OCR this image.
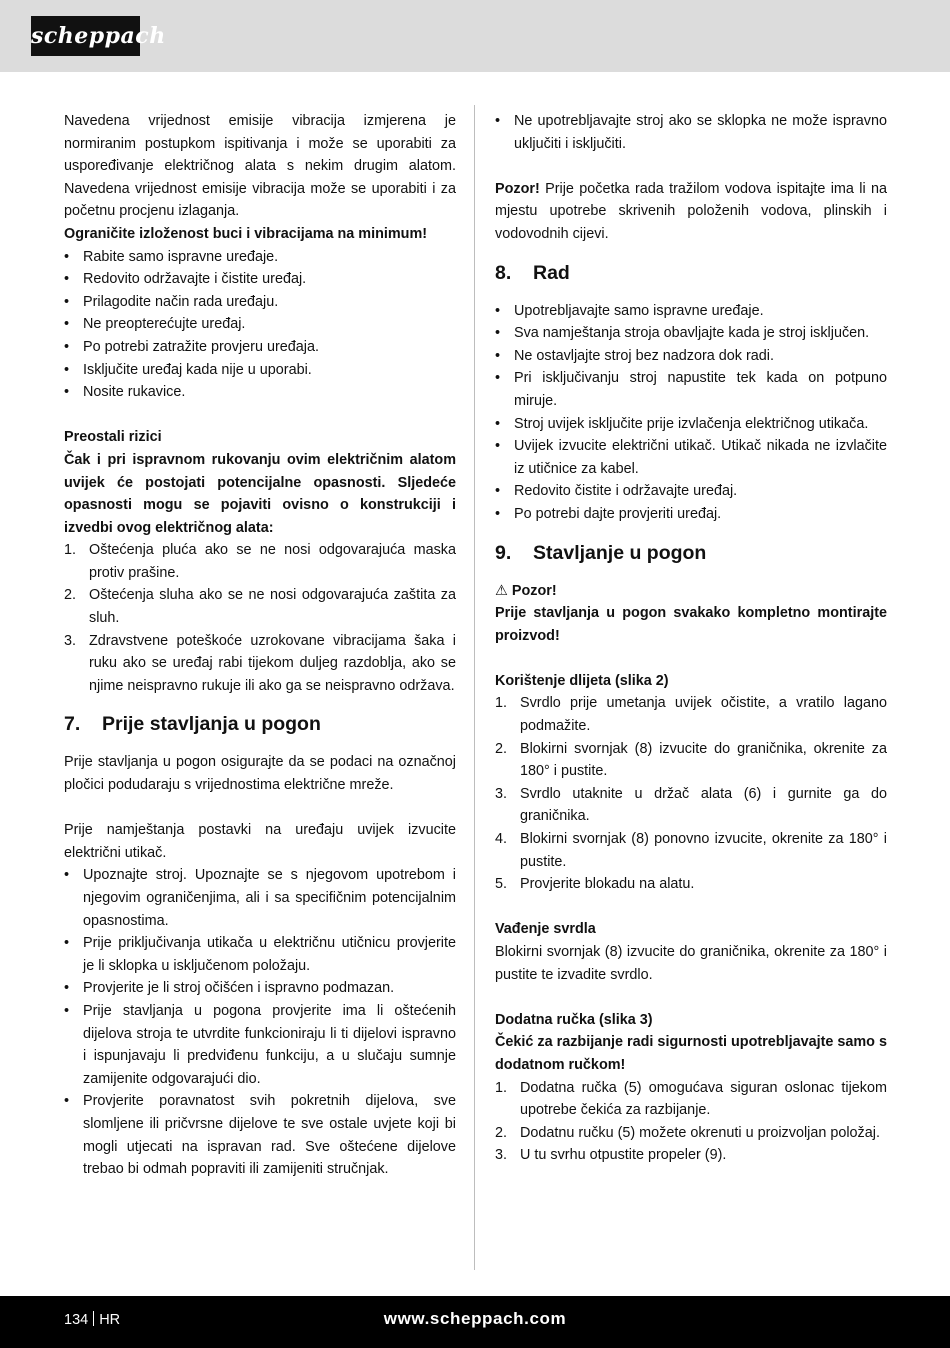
scheppach

Navedena vrijednost emisije vibracija izmjerena je normiranim postupkom ispitivanja i može se uporabiti za uspoređivanje električnog alata s nekim drugim alatom. Navedena vrijednost emisije vibracija može se uporabiti i za početnu procjenu izlaganja.

Ograničite izloženost buci i vibracijama na minimum!

• Rabite samo ispravne uređaje.
• Redovito održavajte i čistite uređaj.
• Prilagodite način rada uređaju.
• Ne preopterećujte uređaj.
• Po potrebi zatražite provjeru uređaja.
• Isključite uređaj kada nije u uporabi.
• Nosite rukavice.

Preostali rizici

Čak i pri ispravnom rukovanju ovim električnim alatom uvijek će postojati potencijalne opasnosti. Sljedeće opasnosti mogu se pojaviti ovisno o konstrukciji i izvedbi ovog električnog alata:

1. Oštećenja pluća ako se ne nosi odgovarajuća maska protiv prašine.
2. Oštećenja sluha ako se ne nosi odgovarajuća zaštita za sluh.
3. Zdravstvene poteškoće uzrokovane vibracijama šaka i ruku ako se uređaj rabi tijekom duljeg razdoblja, ako se njime neispravno rukuje ili ako ga se neispravno održava.
7.	Prije stavljanja u pogon

Prije stavljanja u pogon osigurajte da se podaci na označnoj pločici podudaraju s vrijednostima električne mreže.

Prije namještanja postavki na uređaju uvijek izvucite električni utikač.

• Upoznajte stroj. Upoznajte se s njegovom upotrebom i njegovim ograničenjima, ali i sa specifičnim potencijalnim opasnostima.
• Prije priključivanja utikača u električnu utičnicu provjerite je li sklopka u isključenom položaju.
• Provjerite je li stroj očišćen i ispravno podmazan.
• Prije stavljanja u pogona provjerite ima li oštećenih dijelova stroja te utvrdite funkcioniraju li ti dijelovi ispravno i ispunjavaju li predviđenu funkciju, a u slučaju sumnje zamijenite odgovarajući dio.
• Provjerite poravnatost svih pokretnih dijelova, sve slomljene ili pričvrsne dijelove te sve ostale uvjete koji bi mogli utjecati na ispravan rad. Sve oštećene dijelove trebao bi odmah popraviti ili zamijeniti stručnjak.
• Ne upotrebljavajte stroj ako se sklopka ne može ispravno uključiti i isključiti.

Pozor! Prije početka rada tražilom vodova ispitajte ima li na mjestu upotrebe skrivenih položenih vodova, plinskih i vodovodnih cijevi.

8.	Rad
• Upotrebljavajte samo ispravne uređaje.
• Sva namještanja stroja obavljajte kada je stroj isključen.
• Ne ostavljajte stroj bez nadzora dok radi.
• Pri isključivanju stroj napustite tek kada on potpuno miruje.
• Stroj uvijek isključite prije izvlačenja električnog utikača.
• Uvijek izvucite električni utikač. Utikač nikada ne izvlačite iz utičnice za kabel.
• Redovito čistite i održavajte uređaj.
• Po potrebi dajte provjeriti uređaj.
9.	Stavljanje u pogon

⚠ Pozor!

Prije stavljanja u pogon svakako kompletno montirajte proizvod!

Korištenje dlijeta (slika 2)

1. Svrdlo prije umetanja uvijek očistite, a vratilo lagano podmažite.
2. Blokirni svornjak (8) izvucite do graničnika, okrenite za 180° i pustite.
3. Svrdlo utaknite u držač alata (6) i gurnite ga do graničnika.
4. Blokirni svornjak (8) ponovno izvucite, okrenite za 180° i pustite.
5. Provjerite blokadu na alatu.

Vađenje svrdla

Blokirni svornjak (8) izvucite do graničnika, okrenite za 180° i pustite te izvadite svrdlo.

Dodatna ručka (slika 3)

Čekić za razbijanje radi sigurnosti upotrebljavajte samo s dodatnom ručkom!

1. Dodatna ručka (5) omogućava siguran oslonac tijekom upotrebe čekića za razbijanje.
2. Dodatnu ručku (5) možete okrenuti u proizvoljan položaj.
3. U tu svrhu otpustite propeler (9).
134 HR	www.scheppach.com
